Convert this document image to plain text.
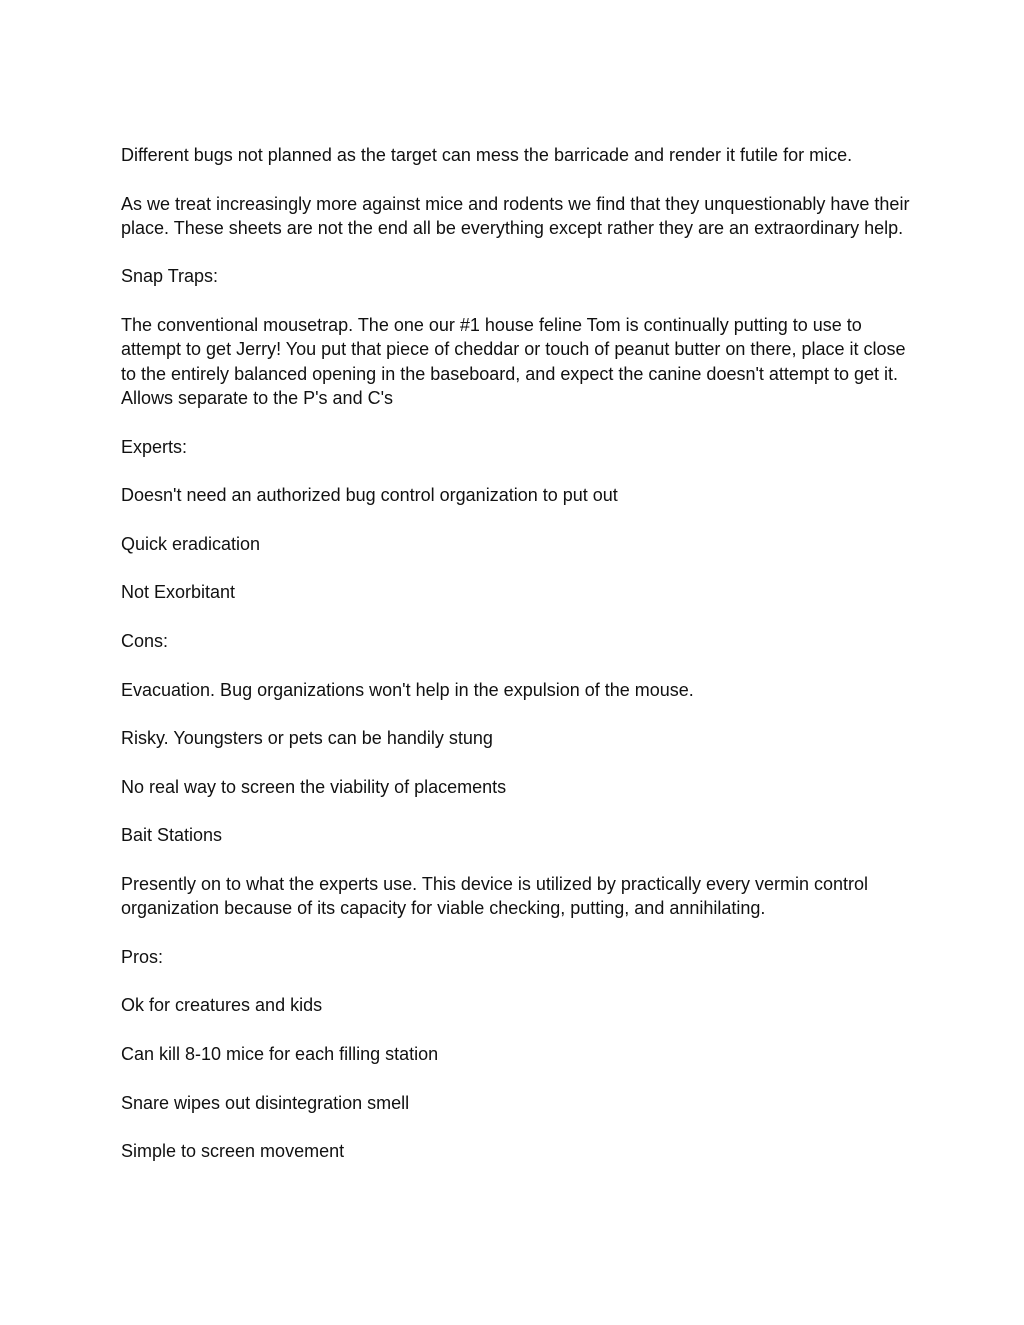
Different bugs not planned as the target can mess the barricade and render it futile for mice.

As we treat increasingly more against mice and rodents we find that they unquestionably have their place. These sheets are not the end all be everything except rather they are an extraordinary help.

Snap Traps:

The conventional mousetrap. The one our #1 house feline Tom is continually putting to use to attempt to get Jerry! You put that piece of cheddar or touch of peanut butter on there, place it close to the entirely balanced opening in the baseboard, and expect the canine doesn't attempt to get it. Allows separate to the P's and C's

Experts:

Doesn't need an authorized bug control organization to put out

Quick eradication

Not Exorbitant

Cons:

Evacuation. Bug organizations won't help in the expulsion of the mouse.

Risky. Youngsters or pets can be handily stung

No real way to screen the viability of placements

Bait Stations

Presently on to what the experts use. This device is utilized by practically every vermin control organization because of its capacity for viable checking, putting, and annihilating.

Pros:

Ok for creatures and kids

Can kill 8-10 mice for each filling station

Snare wipes out disintegration smell

Simple to screen movement
